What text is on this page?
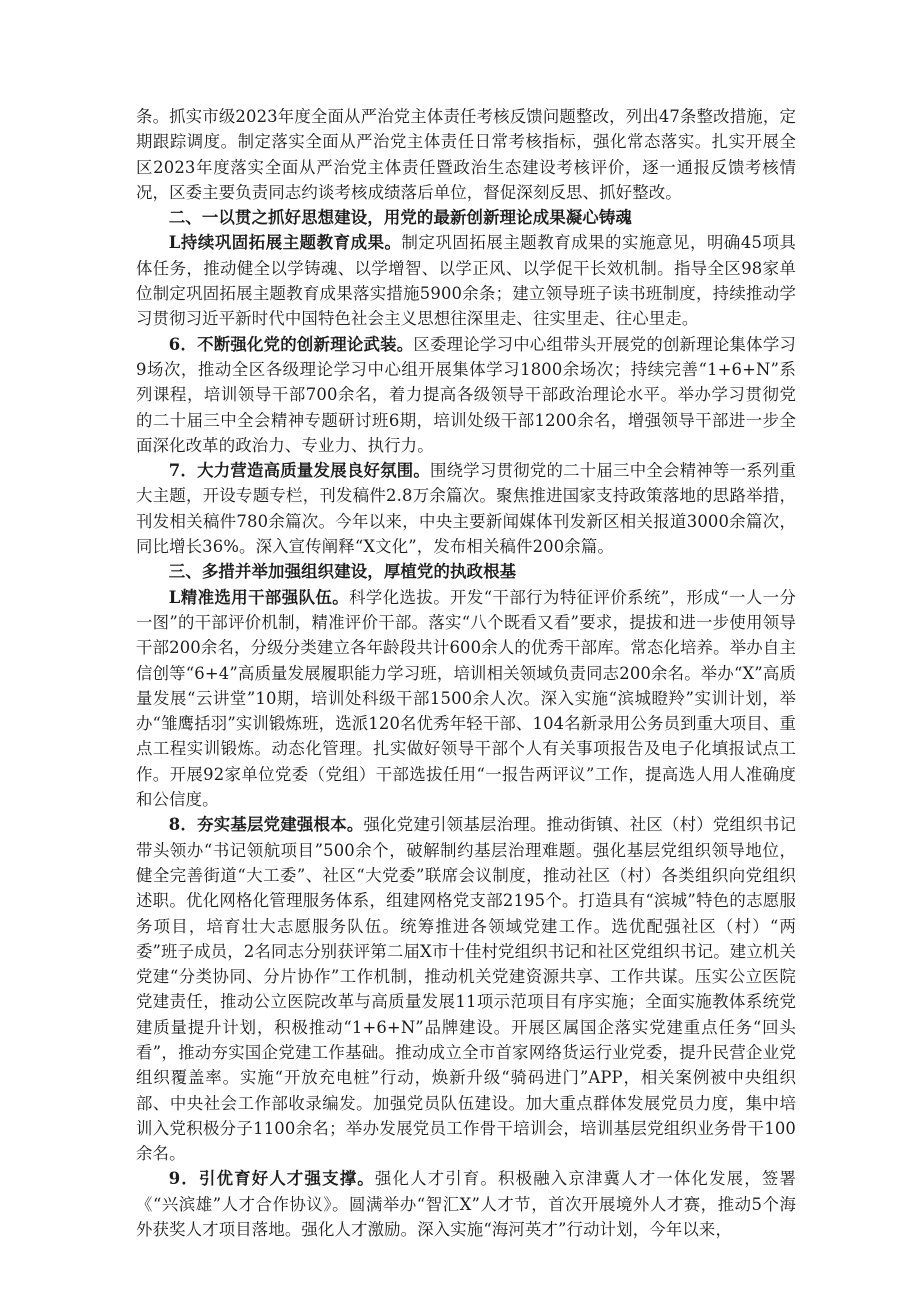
条。抓实市级2023年度全面从严治党主体责任考核反馈问题整改，列出47条整改措施，定期跟踪调度。制定落实全面从严治党主体责任日常考核指标，强化常态落实。扎实开展全区2023年度落实全面从严治党主体责任暨政治生态建设考核评价，逐一通报反馈考核情况，区委主要负责同志约谈考核成绩落后单位，督促深刻反思、抓好整改。

二、一以贯之抓好思想建设，用党的最新创新理论成果凝心铸魂

L持续巩固拓展主题教育成果。制定巩固拓展主题教育成果的实施意见，明确45项具体任务，推动健全以学铸魂、以学增智、以学正风、以学促干长效机制。指导全区98家单位制定巩固拓展主题教育成果落实措施5900余条；建立领导班子读书班制度，持续推动学习贯彻习近平新时代中国特色社会主义思想往深里走、往实里走、往心里走。

6．不断强化党的创新理论武装。区委理论学习中心组带头开展党的创新理论集体学习9场次，推动全区各级理论学习中心组开展集体学习1800余场次；持续完善“1+6+N”系列课程，培训领导干部700余名，着力提高各级领导干部政治理论水平。举办学习贯彻党的二十届三中全会精神专题研讨班6期，培训处级干部1200余名，增强领导干部进一步全面深化改革的政治力、专业力、执行力。

7．大力营造高质量发展良好氛围。围绕学习贯彻党的二十届三中全会精神等一系列重大主题，开设专题专栏，刊发稿件2.8万余篇次。聚焦推进国家支持政策落地的思路举措，刊发相关稿件780余篇次。今年以来，中央主要新闻媒体刊发新区相关报道3000余篇次，同比增长36%。深入宣传阐释“X文化”，发布相关稿件200余篇。

三、多措并举加强组织建设，厚植党的执政根基

L精准选用干部强队伍。科学化选拔。开发“干部行为特征评价系统”，形成“一人一分一图”的干部评价机制，精准评价干部。落实“八个既看又看”要求，提拔和进一步使用领导干部200余名，分级分类建立各年龄段共计600余人的优秀干部库。常态化培养。举办自主信创等“6+4”高质量发展履职能力学习班，培训相关领域负责同志200余名。举办“X”高质量发展“云讲堂”10期，培训处科级干部1500余人次。深入实施“滨城瞪羚”实训计划，举办“雏鹰括羽”实训锻炼班，选派120名优秀年轻干部、104名新录用公务员到重大项目、重点工程实训锻炼。动态化管理。扎实做好领导干部个人有关事项报告及电子化填报试点工作。开展92家单位党委（党组）干部选拔任用“一报告两评议”工作，提高选人用人准确度和公信度。

8．夯实基层党建强根本。强化党建引领基层治理。推动街镇、社区（村）党组织书记带头领办“书记领航项目”500余个，破解制约基层治理难题。强化基层党组织领导地位，健全完善街道“大工委”、社区“大党委”联席会议制度，推动社区（村）各类组织向党组织述职。优化网格化管理服务体系，组建网格党支部2195个。打造具有“滨城”特色的志愿服务项目，培育壮大志愿服务队伍。统筹推进各领域党建工作。选优配强社区（村）“两委”班子成员，2名同志分别获评第二届X市十佳村党组织书记和社区党组织书记。建立机关党建“分类协同、分片协作”工作机制，推动机关党建资源共享、工作共谋。压实公立医院党建责任，推动公立医院改革与高质量发展11项示范项目有序实施；全面实施教体系统党建质量提升计划，积极推动“1+6+N”品牌建设。开展区属国企落实党建重点任务“回头看”，推动夯实国企党建工作基础。推动成立全市首家网络货运行业党委，提升民营企业党组织覆盖率。实施“开放充电桩”行动，焕新升级“骑码进门”APP，相关案例被中央组织部、中央社会工作部收录编发。加强党员队伍建设。加大重点群体发展党员力度，集中培训入党积极分子1100余名；举办发展党员工作骨干培训会，培训基层党组织业务骨干100余名。

9．引优育好人才强支撑。强化人才引育。积极融入京津冀人才一体化发展，签署《“兴滨雄”人才合作协议》。圆满举办“智汇X”人才节，首次开展境外人才赛，推动5个海外获奖人才项目落地。强化人才激励。深入实施“海河英才”行动计划，今年以来，
